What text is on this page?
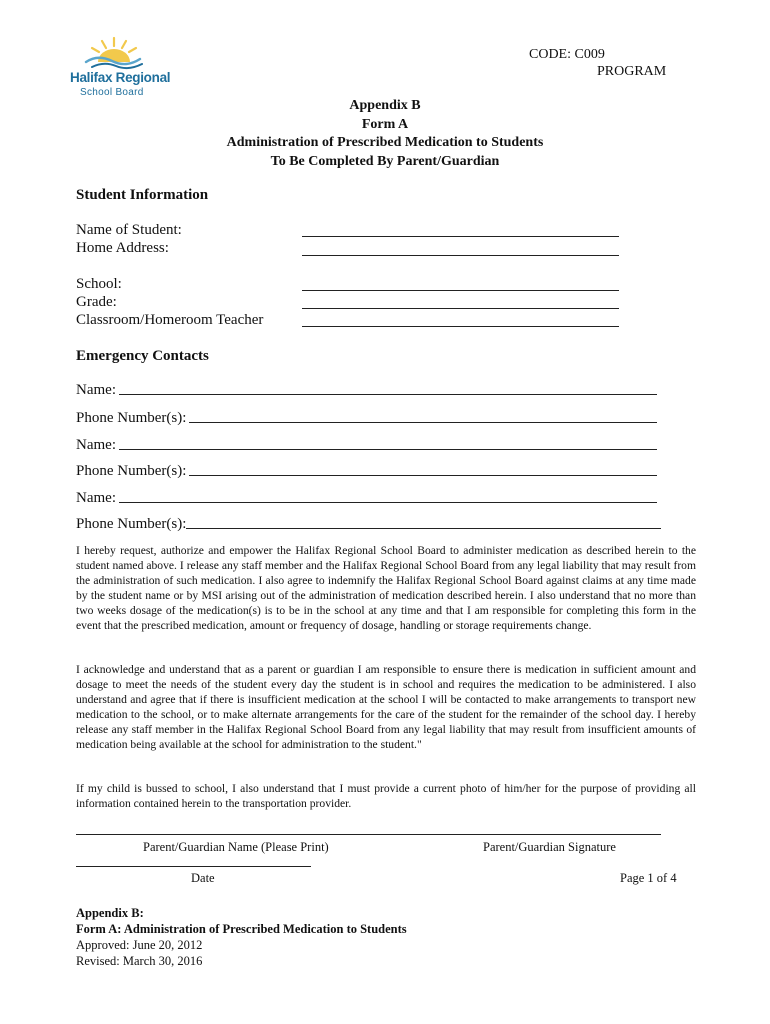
Halifax Regional
School Board
CODE: C009
PROGRAM
Appendix B
Form A
Administration of Prescribed Medication to Students
To Be Completed By Parent/Guardian
Student Information
Name of Student:
Home Address:
School:
Grade:
Classroom/Homeroom Teacher
Emergency Contacts
Name:
Phone Number(s):
Name:
Phone Number(s):
Name:
Phone Number(s):
I hereby request, authorize and empower the Halifax Regional School Board to administer medication as described herein to the student named above. I release any staff member and the Halifax Regional School Board from any legal liability that may result from the administration of such medication. I also agree to indemnify the Halifax Regional School Board against claims at any time made by the student name or by MSI arising out of the administration of medication described herein. I also understand that no more than two weeks dosage of the medication(s) is to be in the school at any time and that I am responsible for completing this form in the event that the prescribed medication, amount or frequency of dosage, handling or storage requirements change.
I acknowledge and understand that as a parent or guardian I am responsible to ensure there is medication in sufficient amount and dosage to meet the needs of the student every day the student is in school and requires the medication to be administered. I also understand and agree that if there is insufficient medication at the school I will be contacted to make arrangements to transport new medication to the school, or to make alternate arrangements for the care of the student for the remainder of the school day. I hereby release any staff member in the Halifax Regional School Board from any legal liability that may result from insufficient amounts of medication being available at the school for administration to the student."
If my child is bussed to school, I also understand that I must provide a current photo of him/her for the purpose of providing all information contained herein to the transportation provider.
Parent/Guardian Name (Please Print)	Parent/Guardian Signature
Date	Page 1 of 4
Appendix B:
Form A: Administration of Prescribed Medication to Students
Approved: June 20, 2012
Revised: March 30, 2016
